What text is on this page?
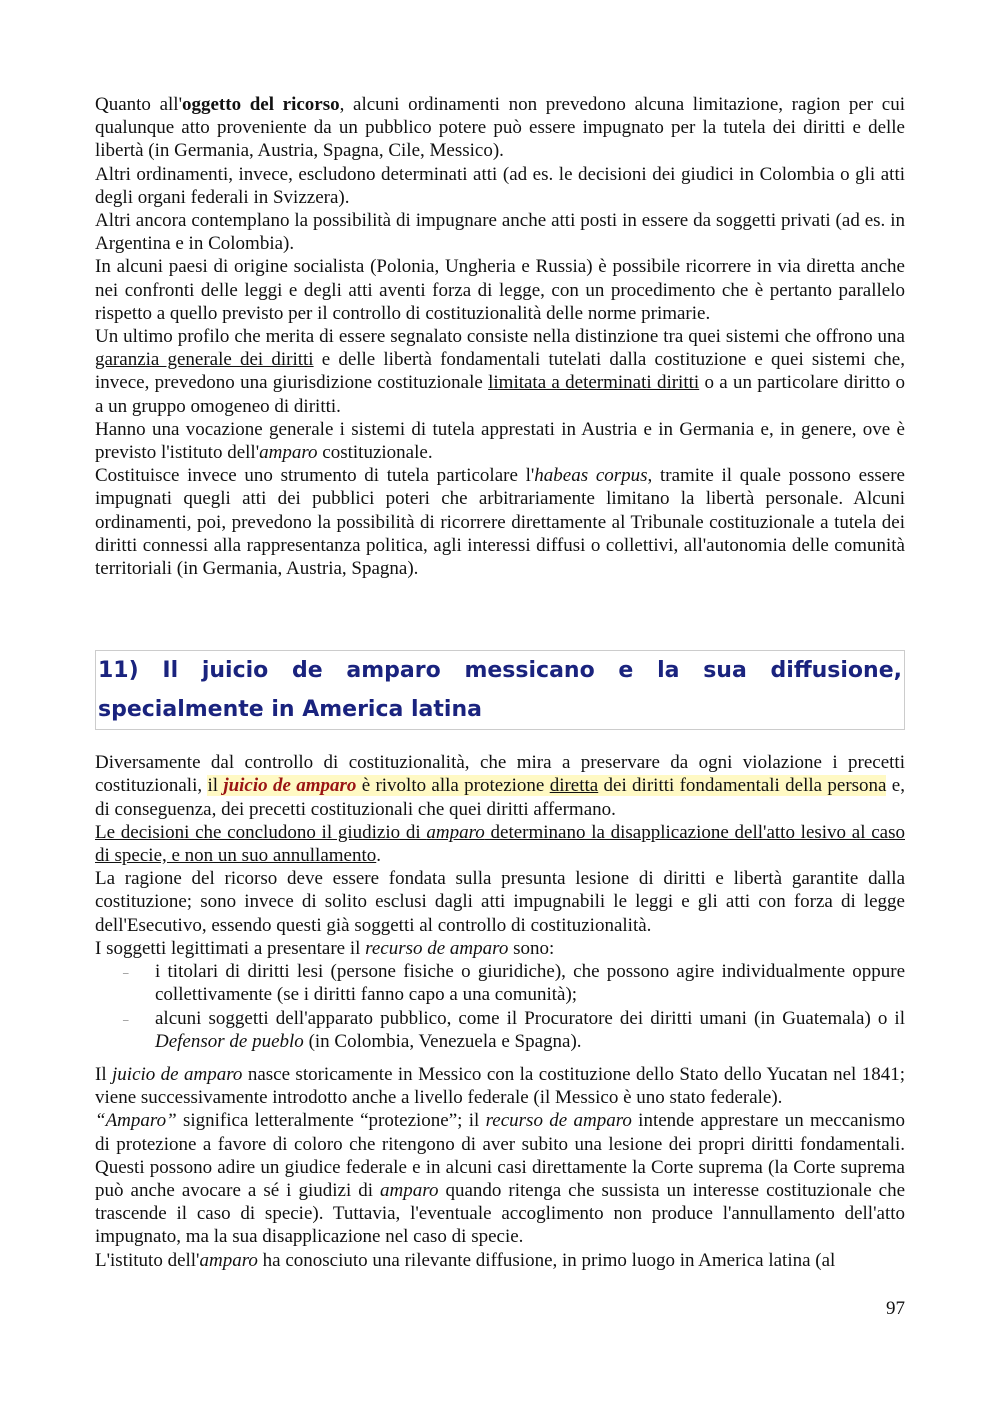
Quanto all'oggetto del ricorso, alcuni ordinamenti non prevedono alcuna limitazione, ragion per cui qualunque atto proveniente da un pubblico potere può essere impugnato per la tutela dei diritti e delle libertà (in Germania, Austria, Spagna, Cile, Messico).

Altri ordinamenti, invece, escludono determinati atti (ad es. le decisioni dei giudici in Colombia o gli atti degli organi federali in Svizzera).

Altri ancora contemplano la possibilità di impugnare anche atti posti in essere da soggetti privati (ad es. in Argentina e in Colombia).

In alcuni paesi di origine socialista (Polonia, Ungheria e Russia) è possibile ricorrere in via diretta anche nei confronti delle leggi e degli atti aventi forza di legge, con un procedimento che è pertanto parallelo rispetto a quello previsto per il controllo di costituzionalità delle norme primarie.

Un ultimo profilo che merita di essere segnalato consiste nella distinzione tra quei sistemi che offrono una garanzia generale dei diritti e delle libertà fondamentali tutelati dalla costituzione e quei sistemi che, invece, prevedono una giurisdizione costituzionale limitata a determinati diritti o a un particolare diritto o a un gruppo omogeneo di diritti.

Hanno una vocazione generale i sistemi di tutela apprestati in Austria e in Germania e, in genere, ove è previsto l'istituto dell'amparo costituzionale.

Costituisce invece uno strumento di tutela particolare l'habeas corpus, tramite il quale possono essere impugnati quegli atti dei pubblici poteri che arbitrariamente limitano la libertà personale. Alcuni ordinamenti, poi, prevedono la possibilità di ricorrere direttamente al Tribunale costituzionale a tutela dei diritti connessi alla rappresentanza politica, agli interessi diffusi o collettivi, all'autonomia delle comunità territoriali (in Germania, Austria, Spagna).

11) Il juicio de amparo messicano e la sua diffusione, specialmente in America latina

Diversamente dal controllo di costituzionalità, che mira a preservare da ogni violazione i precetti costituzionali, il juicio de amparo è rivolto alla protezione diretta dei diritti fondamentali della persona e, di conseguenza, dei precetti costituzionali che quei diritti affermano.

Le decisioni che concludono il giudizio di amparo determinano la disapplicazione dell'atto lesivo al caso di specie, e non un suo annullamento.

La ragione del ricorso deve essere fondata sulla presunta lesione di diritti e libertà garantite dalla costituzione; sono invece di solito esclusi dagli atti impugnabili le leggi e gli atti con forza di legge dell'Esecutivo, essendo questi già soggetti al controllo di costituzionalità.

I soggetti legittimati a presentare il recurso de amparo sono:

‒ i titolari di diritti lesi (persone fisiche o giuridiche), che possono agire individualmente oppure collettivamente (se i diritti fanno capo a una comunità);
‒ alcuni soggetti dell'apparato pubblico, come il Procuratore dei diritti umani (in Guatemala) o il Defensor de pueblo (in Colombia, Venezuela e Spagna).

Il juicio de amparo nasce storicamente in Messico con la costituzione dello Stato dello Yucatan nel 1841; viene successivamente introdotto anche a livello federale (il Messico è uno stato federale).

“Amparo” significa letteralmente “protezione”; il recurso de amparo intende apprestare un meccanismo di protezione a favore di coloro che ritengono di aver subito una lesione dei propri diritti fondamentali. Questi possono adire un giudice federale e in alcuni casi direttamente la Corte suprema (la Corte suprema può anche avocare a sé i giudizi di amparo quando ritenga che sussista un interesse costituzionale che trascende il caso di specie). Tuttavia, l'eventuale accoglimento non produce l'annullamento dell'atto impugnato, ma la sua disapplicazione nel caso di specie.

L'istituto dell'amparo ha conosciuto una rilevante diffusione, in primo luogo in America latina (al

97
